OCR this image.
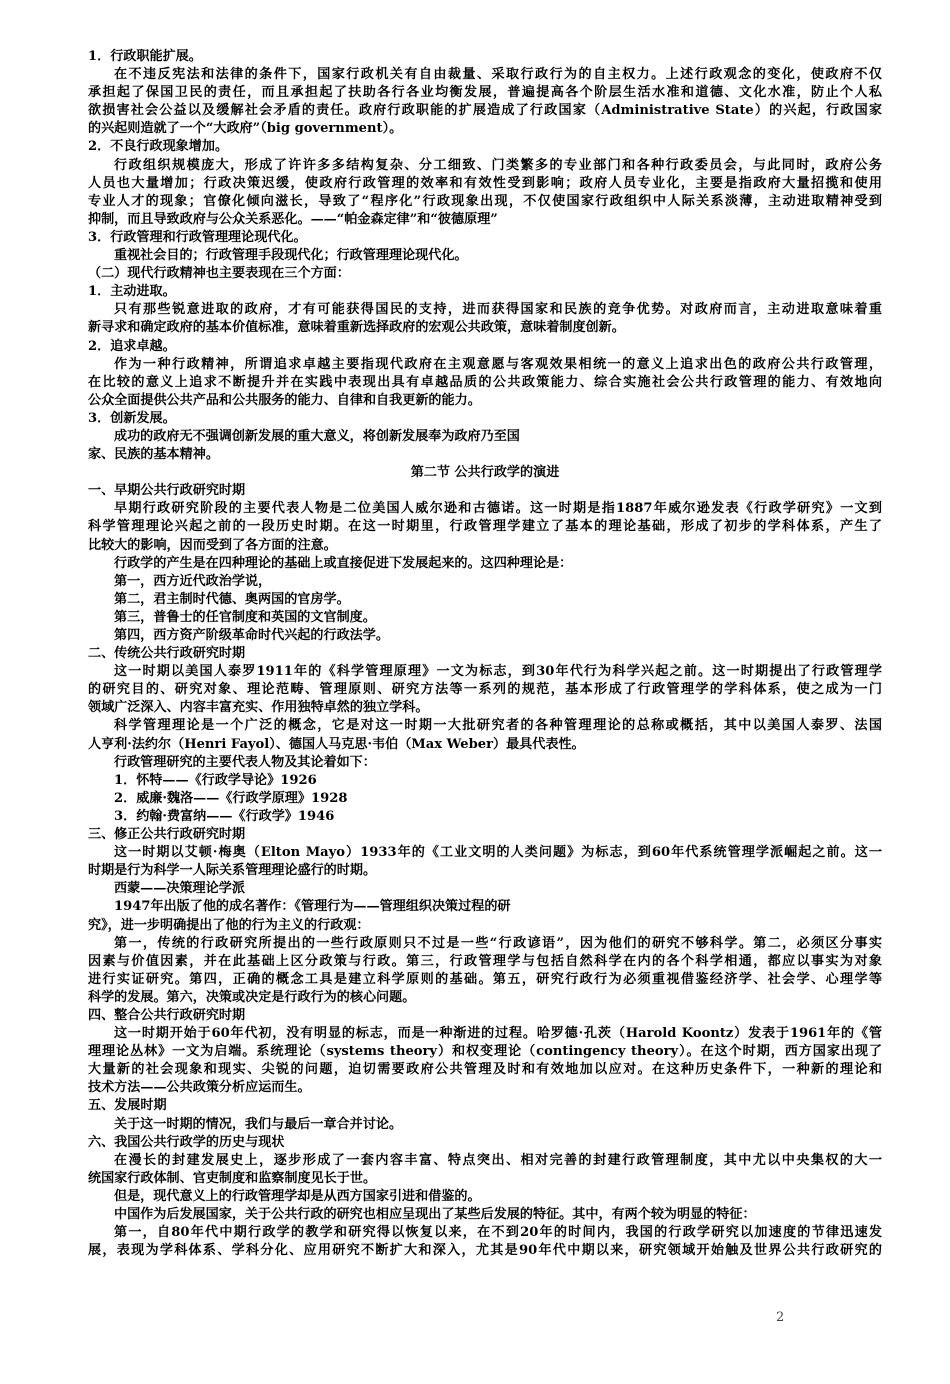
1．行政职能扩展。
在不违反宪法和法律的条件下，国家行政机关有自由裁量、采取行政行为的自主权力。上述行政观念的变化，使政府不仅
承担起了保国卫民的责任，而且承担起了扶助各行各业均衡发展，普遍提高各个阶层生活水准和道德、文化水准，防止个人私
欲损害社会公益以及缓解社会矛盾的责任。政府行政职能的扩展造成了行政国家（Administrative State）的兴起，行政国家
的兴起则造就了一个“大政府”（big government）。
2．不良行政现象增加。
行政组织规模庞大，形成了许许多多结构复杂、分工细致、门类繁多的专业部门和各种行政委员会，与此同时，政府公务
人员也大量增加；行政决策迟缓，使政府行政管理的效率和有效性受到影响；政府人员专业化，主要是指政府大量招揽和使用
专业人才的现象；官僚化倾向滋长，导致了“程序化”行政现象出现，不仅使国家行政组织中人际关系淡薄，主动进取精神受到
抑制，而且导致政府与公众关系恶化。——“帕金森定律”和“彼德原理”
3．行政管理和行政管理理论现代化。
重视社会目的；行政管理手段现代化；行政管理理论现代化。
（二）现代行政精神也主要表现在三个方面：
1．主动进取。
只有那些锐意进取的政府，才有可能获得国民的支持，进而获得国家和民族的竞争优势。对政府而言，主动进取意味着重
新寻求和确定政府的基本价值标准，意味着重新选择政府的宏观公共政策，意味着制度创新。
2．追求卓越。
作为一种行政精神，所谓追求卓越主要指现代政府在主观意愿与客观效果相统一的意义上追求出色的政府公共行政管理，
在比较的意义上追求不断提升并在实践中表现出具有卓越品质的公共政策能力、综合实施社会公共行政管理的能力、有效地向
公众全面提供公共产品和公共服务的能力、自律和自我更新的能力。
3．创新发展。
成功的政府无不强调创新发展的重大意义，将创新发展奉为政府乃至国
家、民族的基本精神。
第二节 公共行政学的演进
一、早期公共行政研究时期
早期行政研究阶段的主要代表人物是二位美国人威尔逊和古德诺。这一时期是指1887年威尔逊发表《行政学研究》一文到
科学管理理论兴起之前的一段历史时期。在这一时期里，行政管理学建立了基本的理论基础，形成了初步的学科体系，产生了
比较大的影响，因而受到了各方面的注意。
行政学的产生是在四种理论的基础上或直接促进下发展起来的。这四种理论是：
第一，西方近代政治学说，
第二，君主制时代德、奥两国的官房学。
第三，普鲁士的任官制度和英国的文官制度。
第四，西方资产阶级革命时代兴起的行政法学。
二、传统公共行政研究时期
这一时期以美国人泰罗1911年的《科学管理原理》一文为标志，到30年代行为科学兴起之前。这一时期提出了行政管理学
的研究目的、研究对象、理论范畴、管理原则、研究方法等一系列的规范，基本形成了行政管理学的学科体系，使之成为一门
领域广泛深入、内容丰富充实、作用独特卓然的独立学科。
科学管理理论是一个广泛的概念，它是对这一时期一大批研究者的各种管理理论的总称或概括，其中以美国人泰罗、法国
人亨利·法约尔（Henri Fayol）、德国人马克思·韦伯（Max Weber）最具代表性。
行政管理研究的主要代表人物及其论着如下：
1．怀特——《行政学导论》1926
2．威廉·魏洛——《行政学原理》1928
3．约翰·费富纳——《行政学》1946
三、修正公共行政研究时期
这一时期以艾顿·梅奥（Elton Mayo）1933年的《工业文明的人类问题》为标志，到60年代系统管理学派崛起之前。这一
时期是行为科学一人际关系管理理论盛行的时期。
西蒙——决策理论学派
1947年出版了他的成名著作：《管理行为——管理组织决策过程的研
究》，进一步明确提出了他的行为主义的行政观：
第一，传统的行政研究所提出的一些行政原则只不过是一些“行政谚语”，因为他们的研究不够科学。第二，必须区分事实
因素与价值因素，并在此基础上区分政策与行政。第三，行政管理学与包括自然科学在内的各个科学相通，都应以事实为对象
进行实证研究。第四，正确的概念工具是建立科学原则的基础。第五，研究行政行为必须重视借鉴经济学、社会学、心理学等
科学的发展。第六，决策或决定是行政行为的核心问题。
四、整合公共行政研究时期
这一时期开始于60年代初，没有明显的标志，而是一种渐进的过程。哈罗德·孔茨（Harold Koontz）发表于1961年的《管
理理论丛林》一文为启端。系统理论（systems theory）和权变理论（contingency theory）。在这个时期，西方国家出现了
大量新的社会现象和现实、尖锐的问题，迫切需要政府公共管理及时和有效地加以应对。在这种历史条件下，一种新的理论和
技术方法——公共政策分析应运而生。
五、发展时期
关于这一时期的情况，我们与最后一章合并讨论。
六、我国公共行政学的历史与现状
在漫长的封建发展史上，逐步形成了一套内容丰富、特点突出、相对完善的封建行政管理制度，其中尤以中央集权的大一
统国家行政体制、官吏制度和监察制度见长于世。
但是，现代意义上的行政管理学却是从西方国家引进和借鉴的。
中国作为后发展国家，关于公共行政的研究也相应呈现出了某些后发展的特征。其中，有两个较为明显的特征：
第一，自80年代中期行政学的教学和研究得以恢复以来，在不到20年的时间内，我国的行政学研究以加速度的节律迅速发
展，表现为学科体系、学科分化、应用研究不断扩大和深入，尤其是90年代中期以来，研究领域开始触及世界公共行政研究的
2
